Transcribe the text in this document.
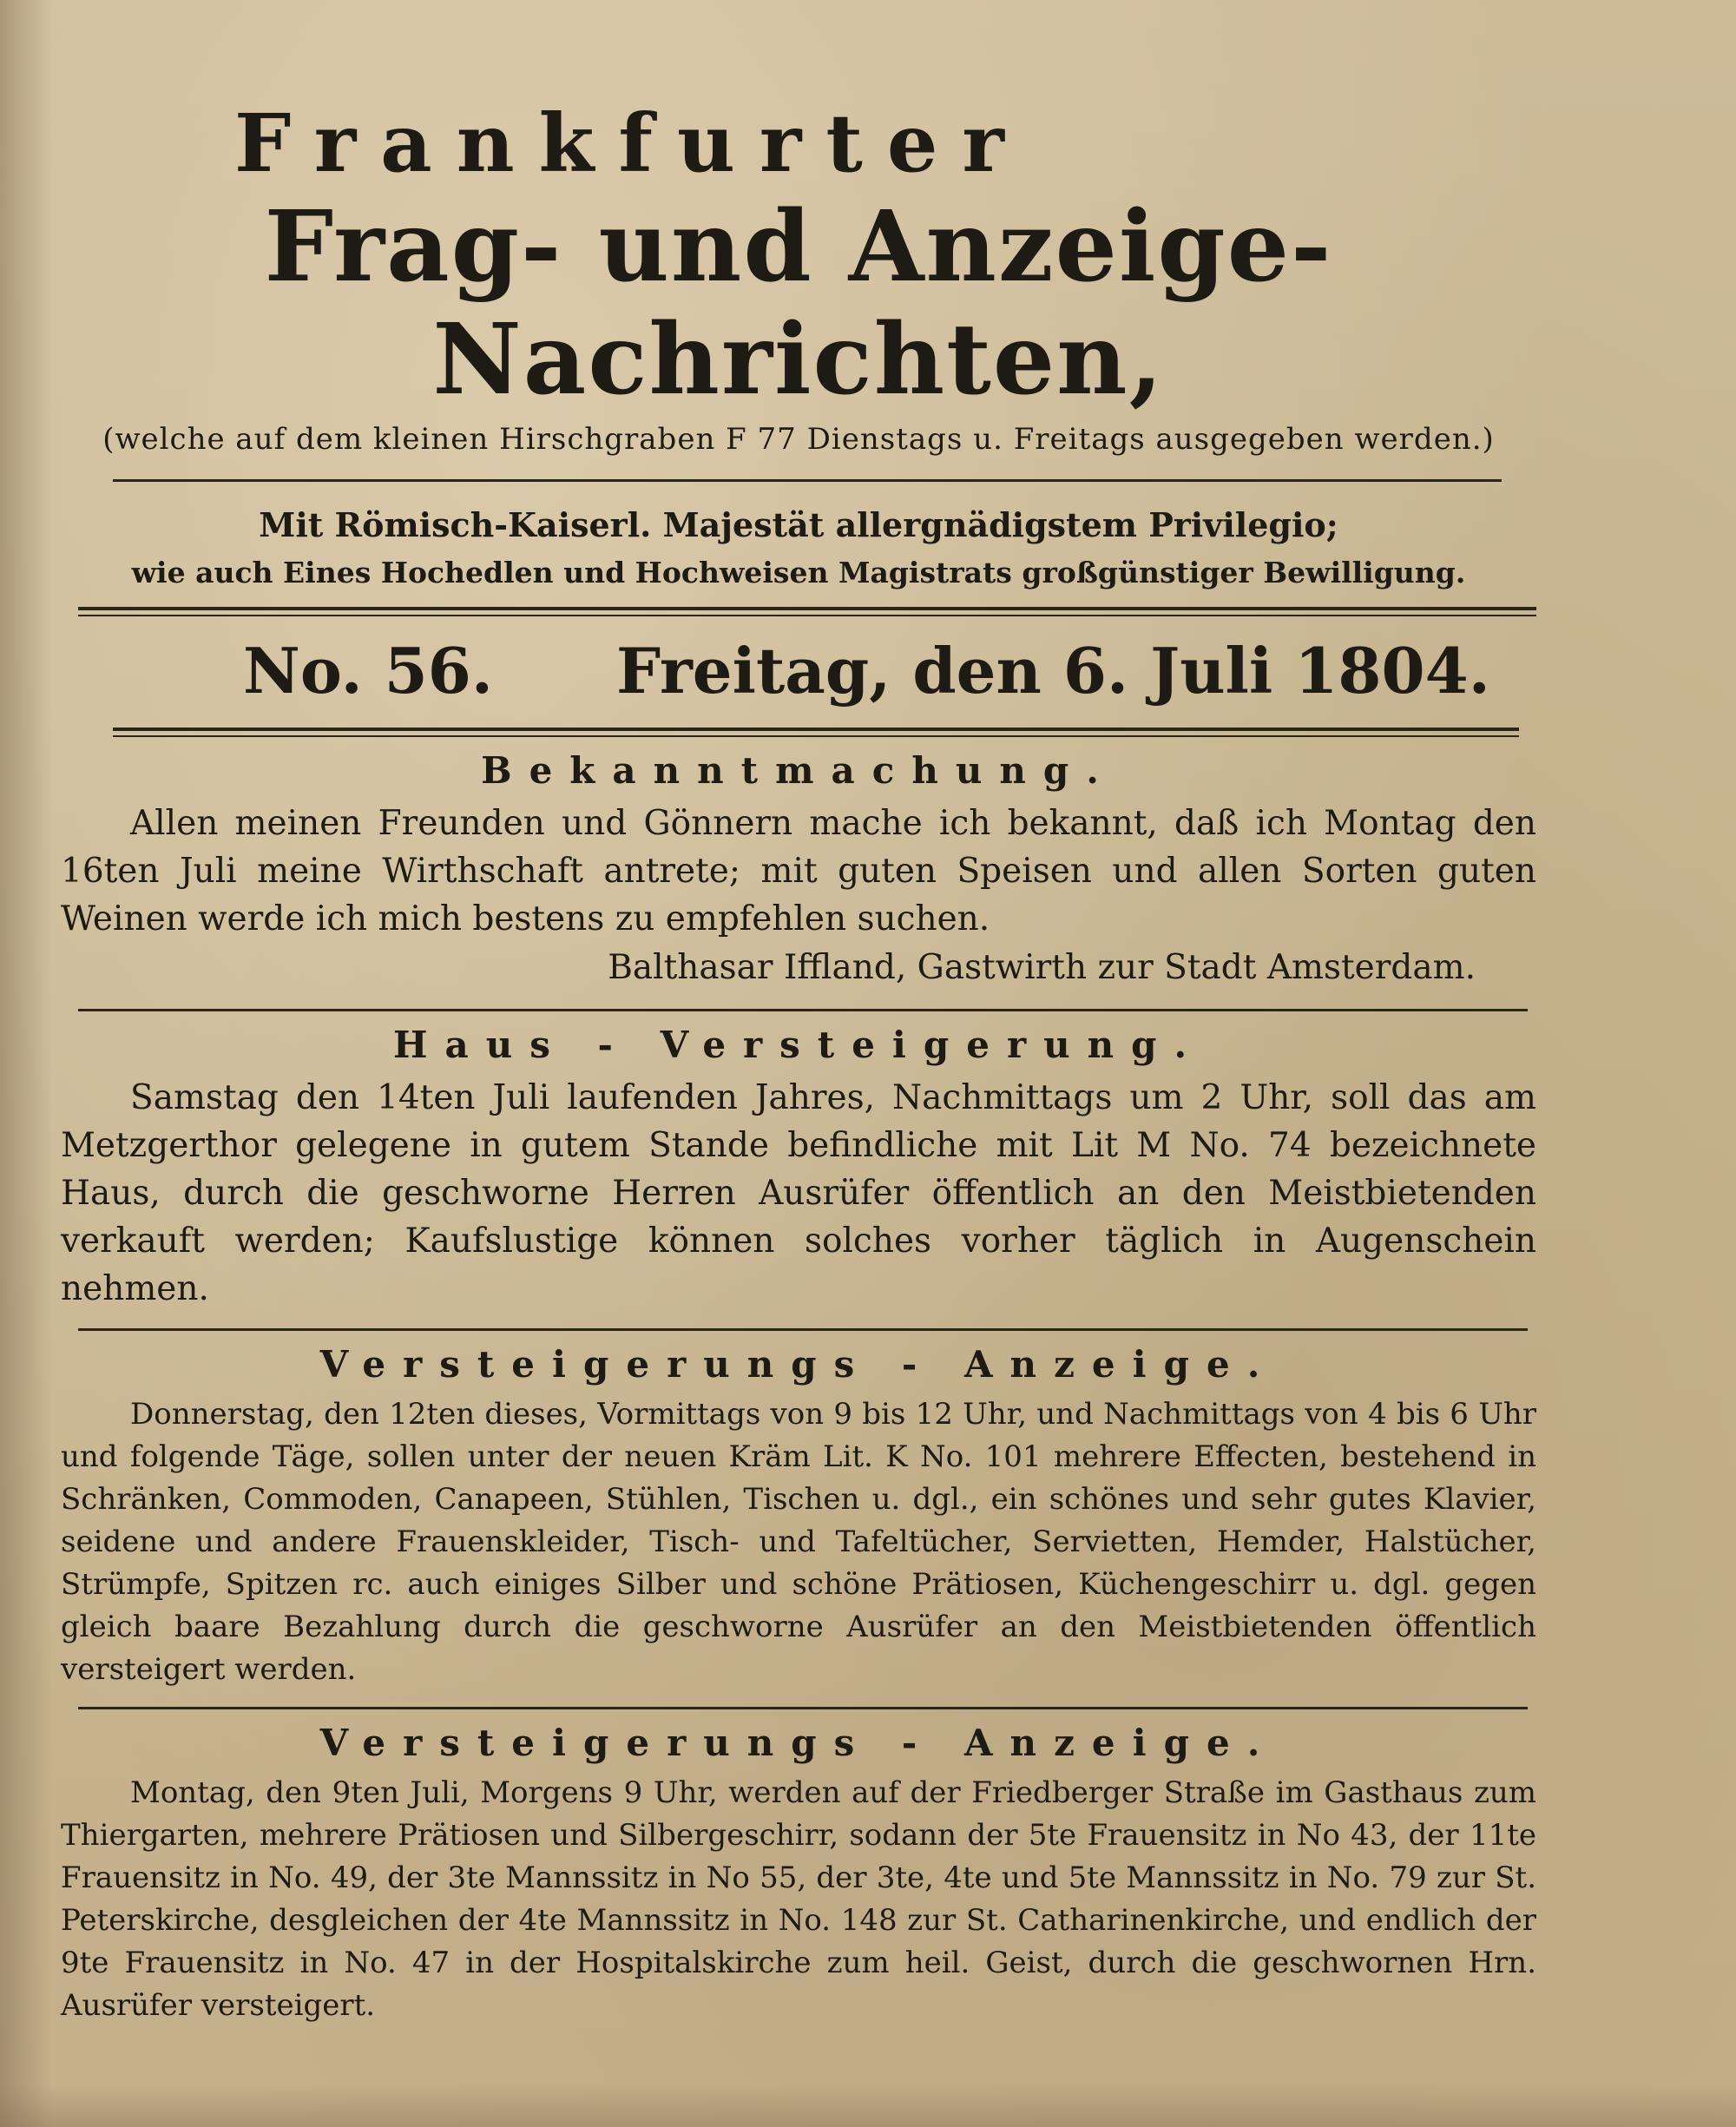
Frankfurter

Frag- und Anzeige-Nachrichten,

(welche auf dem kleinen Hirschgraben F 77 Dienstags u. Freitags ausgegeben werden.)

Mit Römisch-Kaiserl. Majestät allergnädigstem Privilegio;

wie auch Eines Hochedlen und Hochweisen Magistrats großgünstiger Bewilligung.

No. 56.	Freitag, den 6. Juli 1804.

Bekanntmachung.

Allen meinen Freunden und Gönnern mache ich bekannt, daß ich Montag den 16ten Juli meine Wirthschaft antrete; mit guten Speisen und allen Sorten guten Weinen werde ich mich bestens zu empfehlen suchen.

Balthasar Iffland, Gastwirth zur Stadt Amsterdam.

Haus - Versteigerung.

Samstag den 14ten Juli laufenden Jahres, Nachmittags um 2 Uhr, soll das am Metzgerthor gelegene in gutem Stande befindliche mit Lit M No. 74 bezeichnete Haus, durch die geschworne Herren Ausrüfer öffentlich an den Meistbietenden verkauft werden; Kaufslustige können solches vorher täglich in Augenschein nehmen.

Versteigerungs - Anzeige.

Donnerstag, den 12ten dieses, Vormittags von 9 bis 12 Uhr, und Nachmittags von 4 bis 6 Uhr und folgende Täge, sollen unter der neuen Kräm Lit. K No. 101 mehrere Effecten, bestehend in Schränken, Commoden, Canapeen, Stühlen, Tischen u. dgl., ein schönes und sehr gutes Klavier, seidene und andere Frauenskleider, Tisch- und Tafeltücher, Servietten, Hemder, Halstücher, Strümpfe, Spitzen rc. auch einiges Silber und schöne Prätiosen, Küchengeschirr u. dgl. gegen gleich baare Bezahlung durch die geschworne Ausrüfer an den Meistbietenden öffentlich versteigert werden.

Versteigerungs - Anzeige.

Montag, den 9ten Juli, Morgens 9 Uhr, werden auf der Friedberger Straße im Gasthaus zum Thiergarten, mehrere Prätiosen und Silbergeschirr, sodann der 5te Frauensitz in No 43, der 11te Frauensitz in No. 49, der 3te Mannssitz in No 55, der 3te, 4te und 5te Mannssitz in No. 79 zur St. Peterskirche, desgleichen der 4te Mannssitz in No. 148 zur St. Catharinenkirche, und endlich der 9te Frauensitz in No. 47 in der Hospitalskirche zum heil. Geist, durch die geschwornen Hrn. Ausrüfer versteigert.
